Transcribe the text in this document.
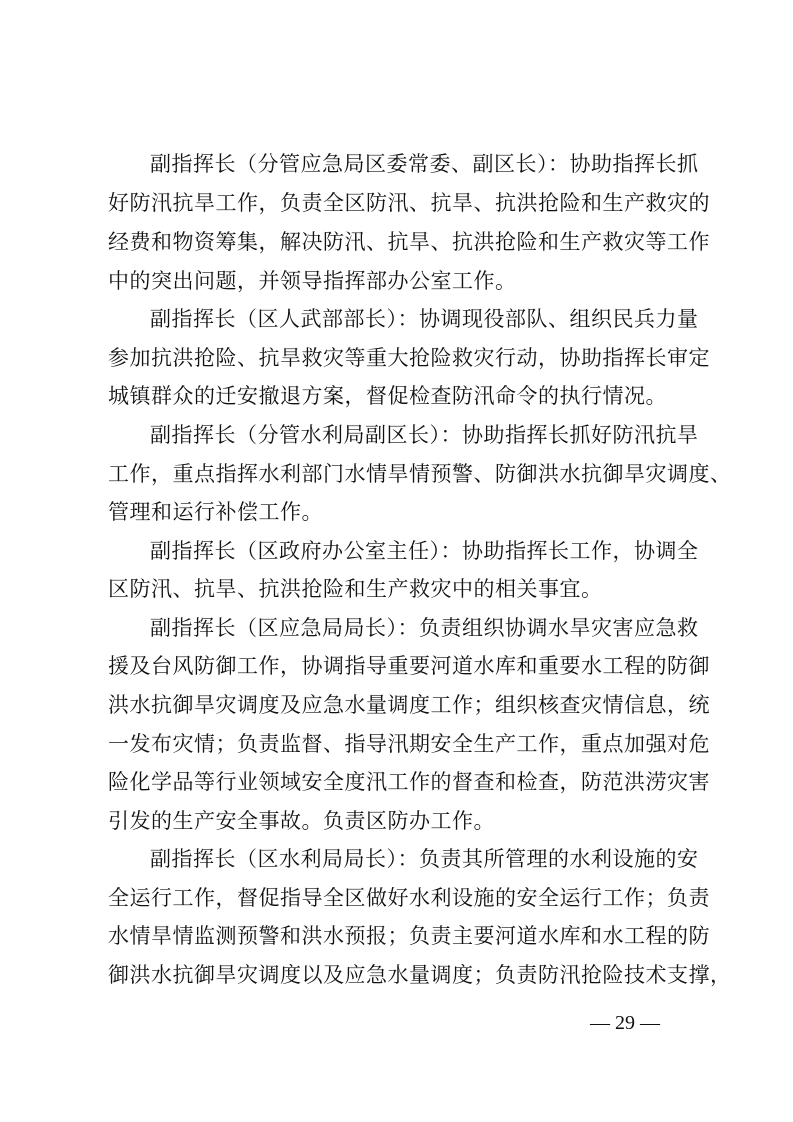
副指挥长（分管应急局区委常委、副区长）：协助指挥长抓
好防汛抗旱工作，负责全区防汛、抗旱、抗洪抢险和生产救灾的
经费和物资筹集，解决防汛、抗旱、抗洪抢险和生产救灾等工作
中的突出问题，并领导指挥部办公室工作。
副指挥长（区人武部部长）：协调现役部队、组织民兵力量
参加抗洪抢险、抗旱救灾等重大抢险救灾行动，协助指挥长审定
城镇群众的迁安撤退方案，督促检查防汛命令的执行情况。
副指挥长（分管水利局副区长）：协助指挥长抓好防汛抗旱
工作，重点指挥水利部门水情旱情预警、防御洪水抗御旱灾调度、
管理和运行补偿工作。
副指挥长（区政府办公室主任）：协助指挥长工作，协调全
区防汛、抗旱、抗洪抢险和生产救灾中的相关事宜。
副指挥长（区应急局局长）：负责组织协调水旱灾害应急救
援及台风防御工作，协调指导重要河道水库和重要水工程的防御
洪水抗御旱灾调度及应急水量调度工作；组织核查灾情信息，统
一发布灾情；负责监督、指导汛期安全生产工作，重点加强对危
险化学品等行业领域安全度汛工作的督查和检查，防范洪涝灾害
引发的生产安全事故。负责区防办工作。
副指挥长（区水利局局长）：负责其所管理的水利设施的安
全运行工作，督促指导全区做好水利设施的安全运行工作；负责
水情旱情监测预警和洪水预报；负责主要河道水库和水工程的防
御洪水抗御旱灾调度以及应急水量调度；负责防汛抢险技术支撑，
— 29 —
